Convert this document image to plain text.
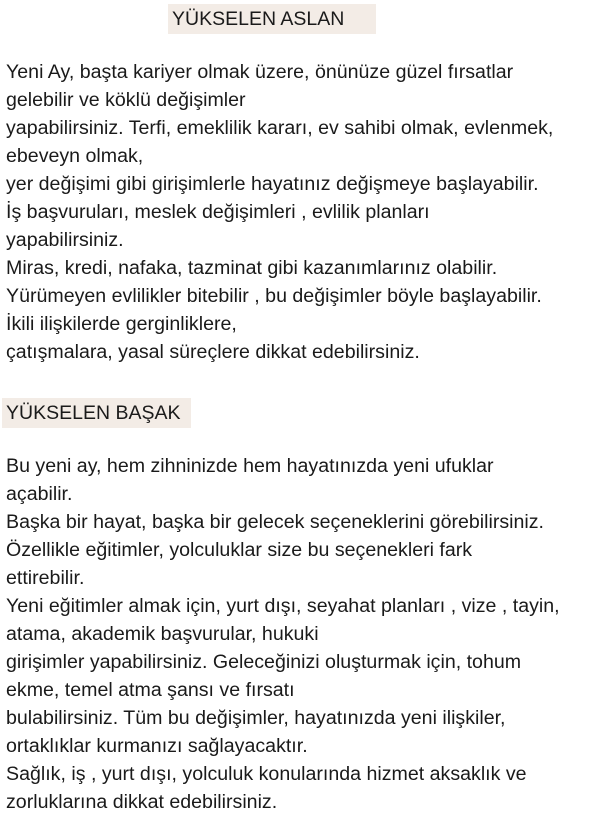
YÜKSELEN ASLAN
Yeni Ay, başta kariyer olmak üzere, önünüze güzel fırsatlar
gelebilir ve köklü değişimler
yapabilirsiniz. Terfi, emeklilik kararı, ev sahibi olmak, evlenmek,
ebeveyn olmak,
yer değişimi gibi girişimlerle hayatınız değişmeye başlayabilir.
İş başvuruları, meslek değişimleri , evlilik planları
yapabilirsiniz.
Miras, kredi, nafaka, tazminat gibi kazanımlarınız olabilir.
Yürümeyen evlilikler bitebilir , bu değişimler böyle başlayabilir.
İkili ilişkilerde gerginliklere,
çatışmalara, yasal süreçlere dikkat edebilirsiniz.
YÜKSELEN BAŞAK
Bu yeni ay, hem zihninizde hem hayatınızda yeni ufuklar
açabilir.
Başka bir hayat, başka bir gelecek seçeneklerini görebilirsiniz.
Özellikle eğitimler, yolculuklar size bu seçenekleri fark
ettirebilir.
Yeni eğitimler almak için, yurt dışı, seyahat planları , vize , tayin,
atama, akademik başvurular, hukuki
girişimler yapabilirsiniz. Geleceğinizi oluşturmak için, tohum
ekme, temel atma şansı ve fırsatı
bulabilirsiniz. Tüm bu değişimler, hayatınızda yeni ilişkiler,
ortaklıklar kurmanızı sağlayacaktır.
Sağlık, iş , yurt dışı, yolculuk konularında hizmet aksaklık ve
zorluklarına dikkat edebilirsiniz.
